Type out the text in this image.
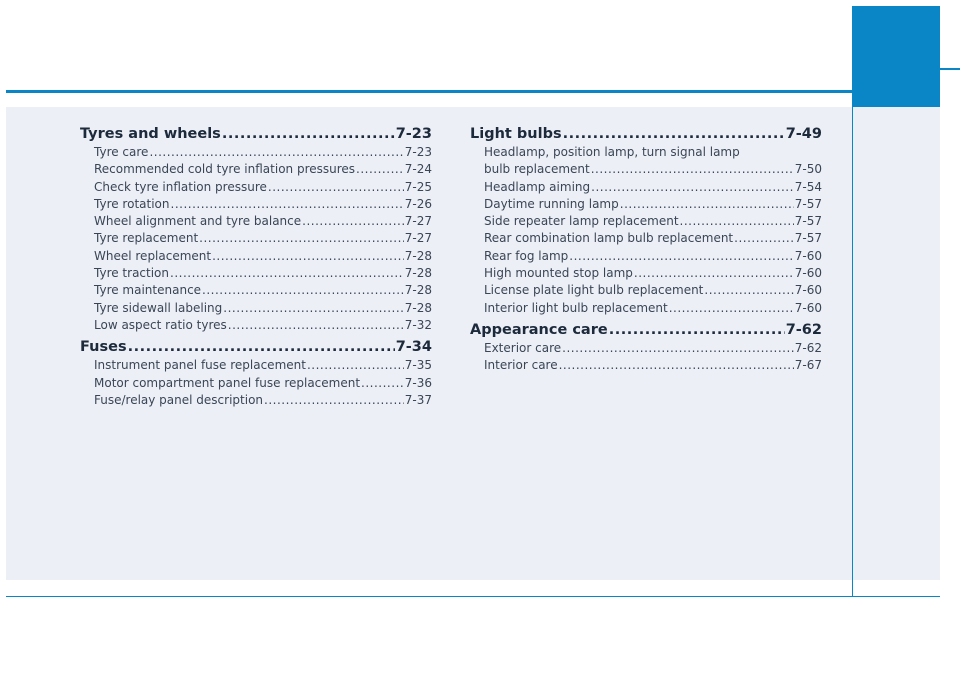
Tyres and wheels .....	7-23
Tyre care .....	7-23
Recommended cold tyre inflation pressures .....	7-24
Check tyre inflation pressure .....	7-25
Tyre rotation .....	7-26
Wheel alignment and tyre balance .....	7-27
Tyre replacement .....	7-27
Wheel replacement .....	7-28
Tyre traction .....	7-28
Tyre maintenance .....	7-28
Tyre sidewall labeling .....	7-28
Low aspect ratio tyres .....	7-32
Fuses .....	7-34
Instrument panel fuse replacement .....	7-35
Motor compartment panel fuse replacement .....	7-36
Fuse/relay panel description .....	7-37
Light bulbs .....	7-49
Headlamp, position lamp, turn signal lamp
bulb replacement .....	7-50
Headlamp aiming .....	7-54
Daytime running lamp .....	7-57
Side repeater lamp replacement .....	7-57
Rear combination lamp bulb replacement .....	7-57
Rear fog lamp .....	7-60
High mounted stop lamp .....	7-60
License plate light bulb replacement .....	7-60
Interior light bulb replacement .....	7-60
Appearance care .....	7-62
Exterior care .....	7-62
Interior care .....	7-67
